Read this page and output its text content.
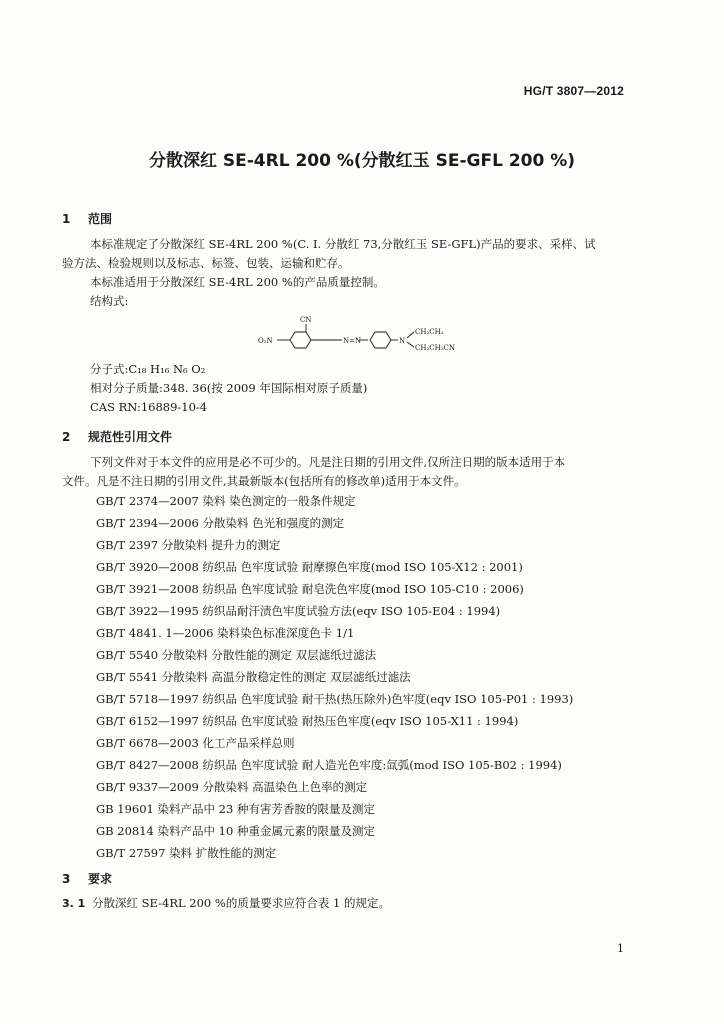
HG/T 3807—2012
分散深红 SE-4RL 200 %(分散红玉 SE-GFL 200 %)
1 范围
本标准规定了分散深红 SE-4RL 200 %(C. I. 分散红 73,分散红玉 SE-GFL)产品的要求、采样、试
验方法、检验规则以及标志、标签、包装、运输和贮存。
本标准适用于分散深红 SE-4RL 200 %的产品质量控制。
结构式:
CN
O₂N	N=N	N
CH₂CH₃
CH₂CH₂CN
分子式:C₁₈ H₁₆ N₆ O₂
相对分子质量:348. 36(按 2009 年国际相对原子质量)
CAS RN:16889-10-4
2 规范性引用文件
下列文件对于本文件的应用是必不可少的。凡是注日期的引用文件,仅所注日期的版本适用于本
文件。凡是不注日期的引用文件,其最新版本(包括所有的修改单)适用于本文件。
GB/T 2374—2007 染料 染色测定的一般条件规定
GB/T 2394—2006 分散染料 色光和强度的测定
GB/T 2397 分散染料 提升力的测定
GB/T 3920—2008 纺织品 色牢度试验 耐摩擦色牢度(mod ISO 105-X12 : 2001)
GB/T 3921—2008 纺织品 色牢度试验 耐皂洗色牢度(mod ISO 105-C10 : 2006)
GB/T 3922—1995 纺织品耐汗渍色牢度试验方法(eqv ISO 105-E04 : 1994)
GB/T 4841. 1—2006 染料染色标准深度色卡 1/1
GB/T 5540 分散染料 分散性能的测定 双层滤纸过滤法
GB/T 5541 分散染料 高温分散稳定性的测定 双层滤纸过滤法
GB/T 5718—1997 纺织品 色牢度试验 耐干热(热压除外)色牢度(eqv ISO 105-P01 : 1993)
GB/T 6152—1997 纺织品 色牢度试验 耐热压色牢度(eqv ISO 105-X11 : 1994)
GB/T 6678—2003 化工产品采样总则
GB/T 8427—2008 纺织品 色牢度试验 耐人造光色牢度:氙弧(mod ISO 105-B02 : 1994)
GB/T 9337—2009 分散染料 高温染色上色率的测定
GB 19601 染料产品中 23 种有害芳香胺的限量及测定
GB 20814 染料产品中 10 种重金属元素的限量及测定
GB/T 27597 染料 扩散性能的测定
3 要求
3. 1 分散深红 SE-4RL 200 %的质量要求应符合表 1 的规定。
1
